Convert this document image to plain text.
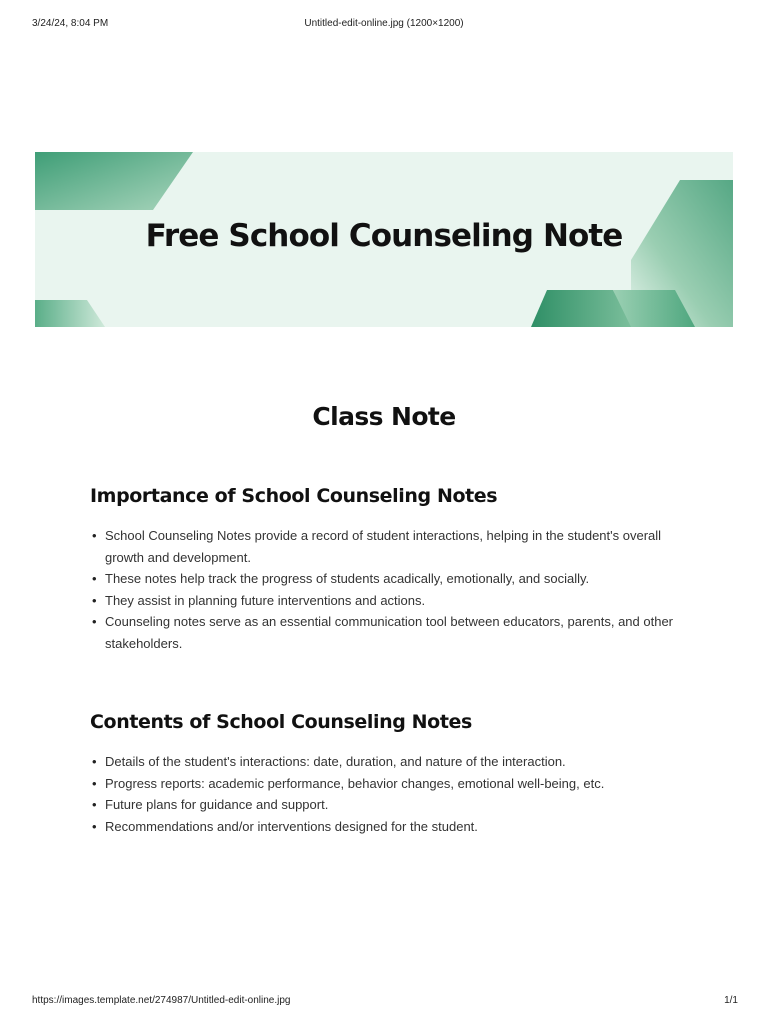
3/24/24, 8:04 PM	Untitled-edit-online.jpg (1200×1200)
Free School Counseling Note
Class Note
Importance of School Counseling Notes
• School Counseling Notes provide a record of student interactions, helping in the student's overall growth and development.
• These notes help track the progress of students acadically, emotionally, and socially.
• They assist in planning future interventions and actions.
• Counseling notes serve as an essential communication tool between educators, parents, and other stakeholders.
Contents of School Counseling Notes
• Details of the student's interactions: date, duration, and nature of the interaction.
• Progress reports: academic performance, behavior changes, emotional well-being, etc.
• Future plans for guidance and support.
• Recommendations and/or interventions designed for the student.
https://images.template.net/274987/Untitled-edit-online.jpg	1/1
